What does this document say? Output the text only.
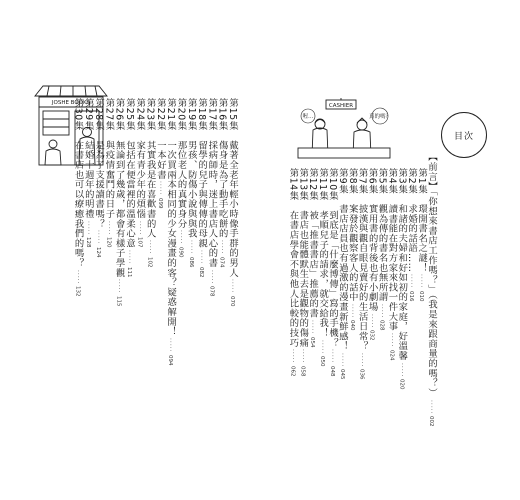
CASHIER
喔…	真的嗎？
JOSHE BOOKS
目次
【前言】「你想來書店工作嗎？」（我是來跟商量的嗎？）
·····
002
第1集　環開書名之謎！
·····
010
第2集　求婚的話語……
·····
016
第3集　和諸的夫婦和好如初的家庭，好溫馨
·····
020
第4集　讀書能在對方家來找一件大事
·····
024
第5集　觀為傳的書名也無所謂
·····
028
第6集　實用書的背後也有小劇場
·····
032
第7集　披漢與觀自眼見賣好的生活日常？
·····
036
第8集　案發於觀察客人的話中
·····
040
第9集　書店店員也有過激的漫畫新鮮感！
·····
045
第10集　到底是「什麼博傳」寫的手機？
·····
048
第11集　孝順兒子的請求，就交給我！
·····
050
第12集　被「推書書店」推薦的書
·····
054
第13集　書店也能體默生去是觀物的傷痛
·····
058
第14集　在書店學會不與他人比較的技巧
·····
062
第15集　戴著全老年輕小時像手群的男人
·····
070
第16集　傷身是為了動手吃餅的
·····
074
第17集　採病師時，迷上書店人心的書
·····
078
第18集　留學的兒子與傳傳的母親
·····
082
第19集　男孩、防傷小說與與我
·····
086
第20集　那位老人的真實身分
·····
090
第21集　一次買兩本相同的少女漫畫的客？疑惑解開！
·····
094
第22集　一本好書
·····
099
第23集　其實我是在喜歡書的人
·····
102
第24集　家有青少年的煩惱
·····
107
第25集　包括在便當裡的溫柔心意
·····
111
第26集　無論到了幾歲，都會有樣子學觀
·····
115
第27集　與疫情奮鬥的日子
·····
120
第28集　是為了支援讀書嗎？
·····
124
第29集　結婚十週年的明禮
·····
128
第30集　在書店也可以療癒我們的嗎？
·····
132
